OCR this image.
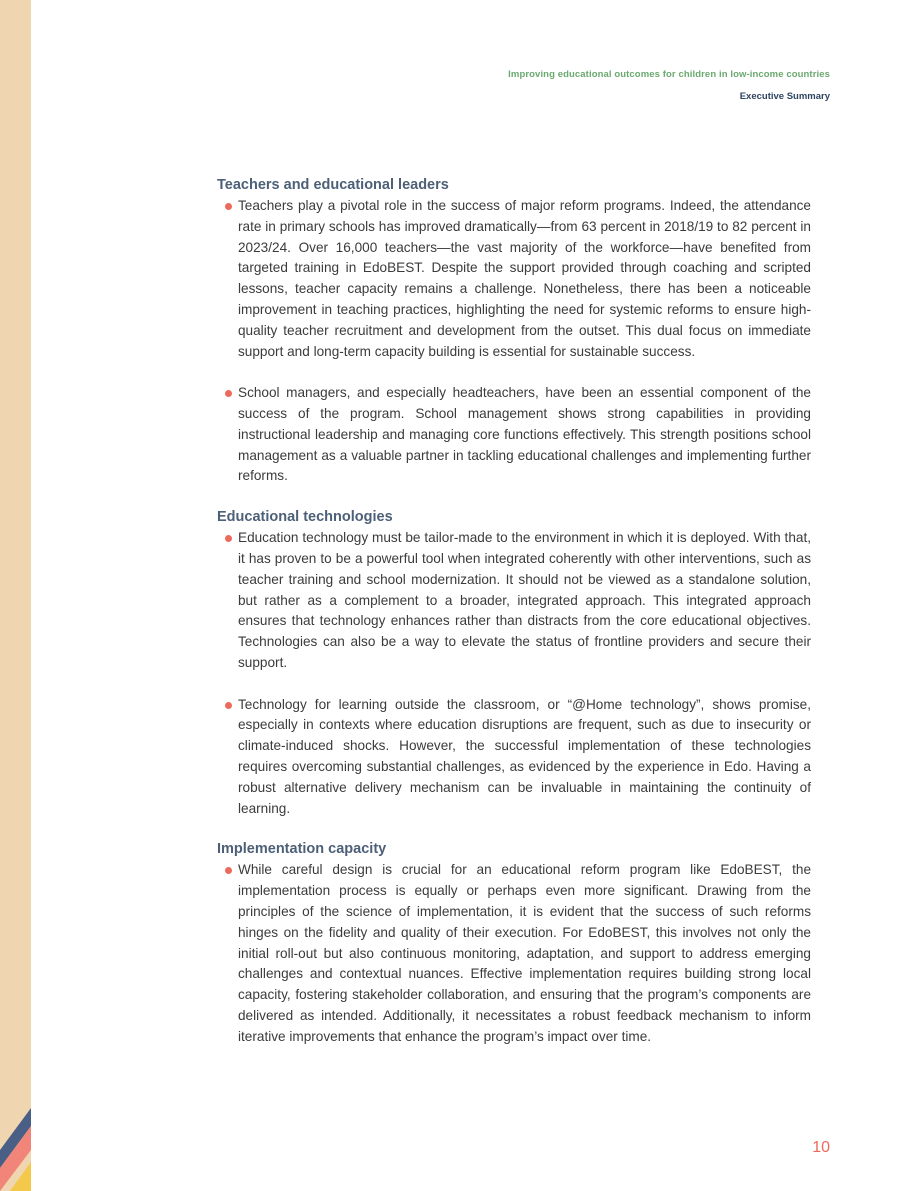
Improving educational outcomes for children in low-income countries
Executive Summary
Teachers and educational leaders
Teachers play a pivotal role in the success of major reform programs. Indeed, the attendance rate in primary schools has improved dramatically—from 63 percent in 2018/19 to 82 percent in 2023/24. Over 16,000 teachers—the vast majority of the workforce—have benefited from targeted training in EdoBEST. Despite the support provided through coaching and scripted lessons, teacher capacity remains a challenge. Nonetheless, there has been a noticeable improvement in teaching practices, highlighting the need for systemic reforms to ensure high-quality teacher recruitment and development from the outset. This dual focus on immediate support and long-term capacity building is essential for sustainable success.
School managers, and especially headteachers, have been an essential component of the success of the program. School management shows strong capabilities in providing instructional leadership and managing core functions effectively. This strength positions school management as a valuable partner in tackling educational challenges and implementing further reforms.
Educational technologies
Education technology must be tailor-made to the environment in which it is deployed. With that, it has proven to be a powerful tool when integrated coherently with other interventions, such as teacher training and school modernization. It should not be viewed as a standalone solution, but rather as a complement to a broader, integrated approach. This integrated approach ensures that technology enhances rather than distracts from the core educational objectives. Technologies can also be a way to elevate the status of frontline providers and secure their support.
Technology for learning outside the classroom, or “@Home technology”, shows promise, especially in contexts where education disruptions are frequent, such as due to insecurity or climate-induced shocks. However, the successful implementation of these technologies requires overcoming substantial challenges, as evidenced by the experience in Edo. Having a robust alternative delivery mechanism can be invaluable in maintaining the continuity of learning.
Implementation capacity
While careful design is crucial for an educational reform program like EdoBEST, the implementation process is equally or perhaps even more significant. Drawing from the principles of the science of implementation, it is evident that the success of such reforms hinges on the fidelity and quality of their execution. For EdoBEST, this involves not only the initial roll-out but also continuous monitoring, adaptation, and support to address emerging challenges and contextual nuances. Effective implementation requires building strong local capacity, fostering stakeholder collaboration, and ensuring that the program’s components are delivered as intended. Additionally, it necessitates a robust feedback mechanism to inform iterative improvements that enhance the program’s impact over time.
10
